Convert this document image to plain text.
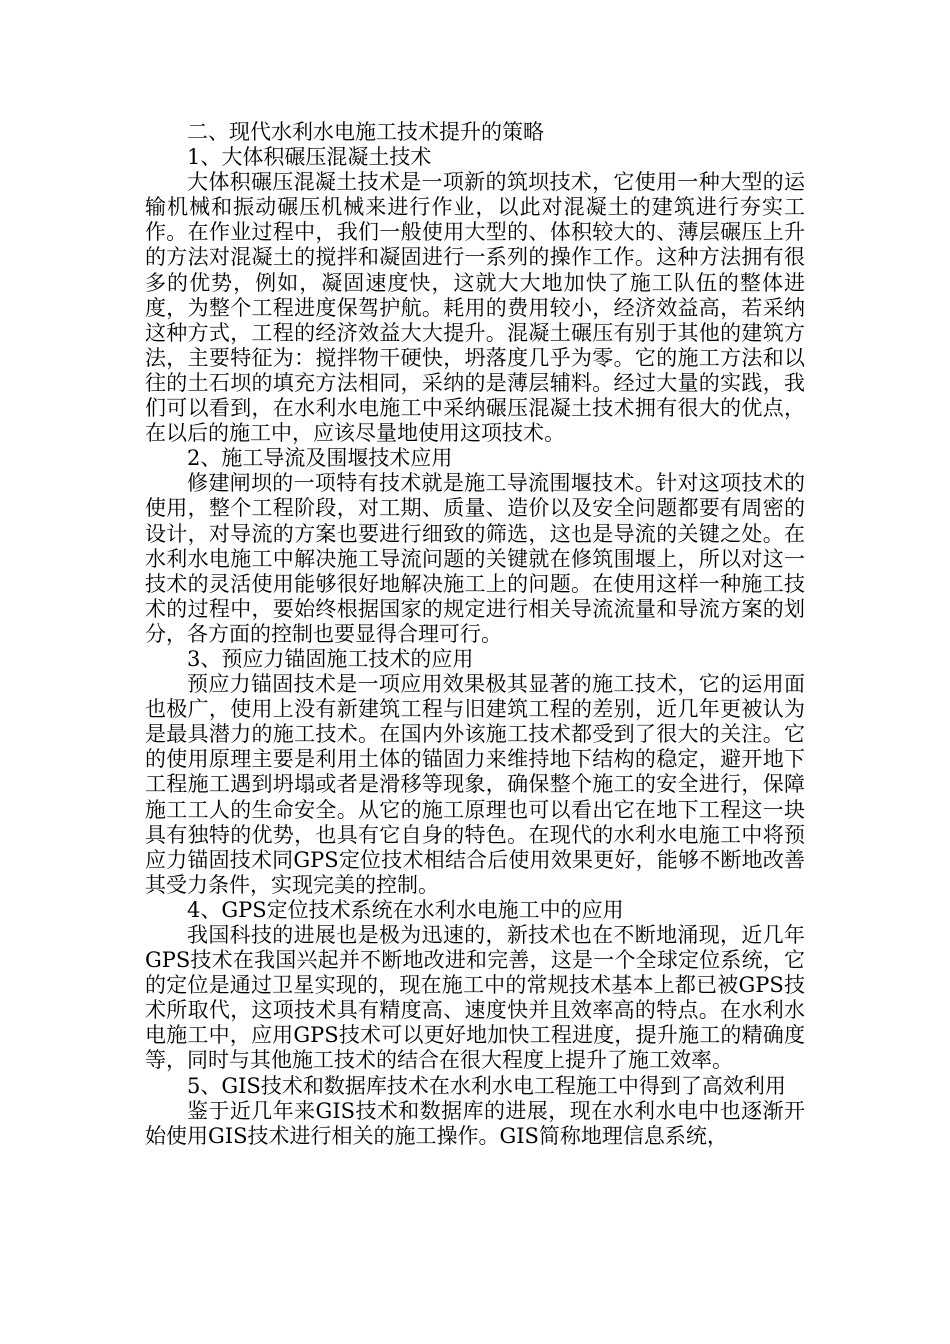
二、现代水利水电施工技术提升的策略

1、大体积碾压混凝土技术

大体积碾压混凝土技术是一项新的筑坝技术，它使用一种大型的运输机械和振动碾压机械来进行作业，以此对混凝土的建筑进行夯实工作。在作业过程中，我们一般使用大型的、体积较大的、薄层碾压上升的方法对混凝土的搅拌和凝固进行一系列的操作工作。这种方法拥有很多的优势，例如，凝固速度快，这就大大地加快了施工队伍的整体进度，为整个工程进度保驾护航。耗用的费用较小，经济效益高，若采纳这种方式，工程的经济效益大大提升。混凝土碾压有别于其他的建筑方法，主要特征为：搅拌物干硬快，坍落度几乎为零。它的施工方法和以往的土石坝的填充方法相同，采纳的是薄层辅料。经过大量的实践，我们可以看到，在水利水电施工中采纳碾压混凝土技术拥有很大的优点，在以后的施工中，应该尽量地使用这项技术。

2、施工导流及围堰技术应用

修建闸坝的一项特有技术就是施工导流围堰技术。针对这项技术的使用，整个工程阶段，对工期、质量、造价以及安全问题都要有周密的设计，对导流的方案也要进行细致的筛选，这也是导流的关键之处。在水利水电施工中解决施工导流问题的关键就在修筑围堰上，所以对这一技术的灵活使用能够很好地解决施工上的问题。在使用这样一种施工技术的过程中，要始终根据国家的规定进行相关导流流量和导流方案的划分，各方面的控制也要显得合理可行。

3、预应力锚固施工技术的应用

预应力锚固技术是一项应用效果极其显著的施工技术，它的运用面也极广，使用上没有新建筑工程与旧建筑工程的差别，近几年更被认为是最具潜力的施工技术。在国内外该施工技术都受到了很大的关注。它的使用原理主要是利用土体的锚固力来维持地下结构的稳定，避开地下工程施工遇到坍塌或者是滑移等现象，确保整个施工的安全进行，保障施工工人的生命安全。从它的施工原理也可以看出它在地下工程这一块具有独特的优势，也具有它自身的特色。在现代的水利水电施工中将预应力锚固技术同GPS定位技术相结合后使用效果更好，能够不断地改善其受力条件，实现完美的控制。

4、GPS定位技术系统在水利水电施工中的应用

我国科技的进展也是极为迅速的，新技术也在不断地涌现，近几年GPS技术在我国兴起并不断地改进和完善，这是一个全球定位系统，它的定位是通过卫星实现的，现在施工中的常规技术基本上都已被GPS技术所取代，这项技术具有精度高、速度快并且效率高的特点。在水利水电施工中，应用GPS技术可以更好地加快工程进度，提升施工的精确度等，同时与其他施工技术的结合在很大程度上提升了施工效率。

5、GIS技术和数据库技术在水利水电工程施工中得到了高效利用

鉴于近几年来GIS技术和数据库的进展，现在水利水电中也逐渐开始使用GIS技术进行相关的施工操作。GIS简称地理信息系统，
